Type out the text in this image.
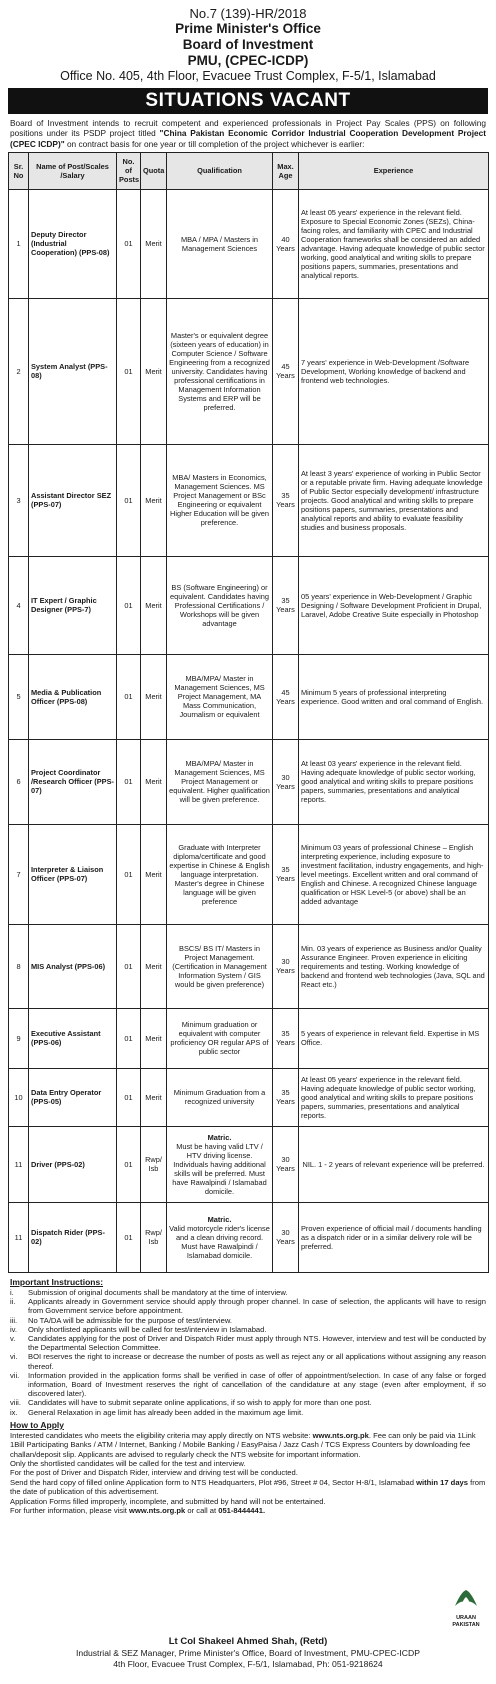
No.7 (139)-HR/2018
Prime Minister's Office
Board of Investment
PMU, (CPEC-ICDP)
Office No. 405, 4th Floor, Evacuee Trust Complex, F-5/1, Islamabad
SITUATIONS VACANT

Board of Investment intends to recruit competent and experienced professionals in Project Pay Scales (PPS) on following positions under its PSDP project titled "China Pakistan Economic Corridor Industrial Cooperation Development Project (CPEC ICDP)" on contract basis for one year or till completion of the project whichever is earlier:

Sr. No	Name of Post/Scales /Salary	No. of Posts	Quota	Qualification	Max. Age	Experience
1	Deputy Director (Industrial Cooperation) (PPS-08)	01	Merit	MBA / MPA / Masters in Management Sciences	40 Years	At least 05 years' experience in the relevant field. Exposure to Special Economic Zones (SEZs), China-facing roles, and familiarity with CPEC and Industrial Cooperation frameworks shall be considered an added advantage. Having adequate knowledge of public sector working, good analytical and writing skills to prepare positions papers, summaries, presentations and analytical reports.
2	System Analyst (PPS-08)	01	Merit	Master's or equivalent degree (sixteen years of education) in Computer Science / Software Engineering from a recognized university. Candidates having professional certifications in Management Information Systems and ERP will be preferred.	45 Years	7 years' experience in Web-Development /Software Development, Working knowledge of backend and frontend web technologies.
3	Assistant Director SEZ (PPS-07)	01	Merit	MBA/ Masters in Economics, Management Sciences. MS Project Management or BSc Engineering or equivalent Higher Education will be given preference.	35 Years	At least 3 years' experience of working in Public Sector or a reputable private firm. Having adequate knowledge of Public Sector especially development/ infrastructure projects. Good analytical and writing skills to prepare positions papers, summaries, presentations and analytical reports and ability to evaluate feasibility studies and business proposals.
4	IT Expert / Graphic Designer (PPS-7)	01	Merit	BS (Software Engineering) or equivalent. Candidates having Professional Certifications / Workshops will be given advantage	35 Years	05 years' experience in Web-Development / Graphic Designing / Software Development Proficient in Drupal, Laravel, Adobe Creative Suite especially in Photoshop
5	Media & Publication Officer (PPS-08)	01	Merit	MBA/MPA/ Master in Management Sciences, MS Project Management, MA Mass Communication, Journalism or equivalent	45 Years	Minimum 5 years of professional interpreting experience. Good written and oral command of English.
6	Project Coordinator /Research Officer (PPS-07)	01	Merit	MBA/MPA/ Master in Management Sciences, MS Project Management or equivalent. Higher qualification will be given preference.	30 Years	At least 03 years' experience in the relevant field. Having adequate knowledge of public sector working, good analytical and writing skills to prepare positions papers, summaries, presentations and analytical reports.
7	Interpreter & Liaison Officer (PPS-07)	01	Merit	Graduate with Interpreter diploma/certificate and good expertise in Chinese & English language interpretation. Master's degree in Chinese language will be given preference	35 Years	Minimum 03 years of professional Chinese – English interpreting experience, including exposure to investment facilitation, industry engagements, and high-level meetings. Excellent written and oral command of English and Chinese. A recognized Chinese language qualification or HSK Level-5 (or above) shall be an added advantage
8	MIS Analyst (PPS-06)	01	Merit	BSCS/ BS IT/ Masters in Project Management. (Certification in Management Information System / GIS would be given preference)	30 Years	Min. 03 years of experience as Business and/or Quality Assurance Engineer. Proven experience in eliciting requirements and testing. Working knowledge of backend and frontend web technologies (Java, SQL and React etc.)
9	Executive Assistant (PPS-06)	01	Merit	Minimum graduation or equivalent with computer proficiency OR regular APS of public sector	35 Years	5 years of experience in relevant field. Expertise in MS Office.
10	Data Entry Operator (PPS-05)	01	Merit	Minimum Graduation from a recognized university	35 Years	At least 05 years' experience in the relevant field. Having adequate knowledge of public sector working, good analytical and writing skills to prepare positions papers, summaries, presentations and analytical reports.
11	Driver (PPS-02)	01	Rwp/ Isb	Matric.
Must be having valid LTV / HTV driving license. Individuals having additional skills will be preferred. Must have Rawalpindi / Islamabad domicile.	30 Years	NIL. 1 - 2 years of relevant experience will be preferred.
11	Dispatch Rider (PPS-02)	01	Rwp/ Isb	Matric.
Valid motorcycle rider's license and a clean driving record. Must have Rawalpindi / Islamabad domicile.	30 Years	Proven experience of official mail / documents handling as a dispatch rider or in a similar delivery role will be preferred.
Important Instructions:
i.	Submission of original documents shall be mandatory at the time of interview.
ii.	Applicants already in Government service should apply through proper channel. In case of selection, the applicants will have to resign from Government service before appointment.
iii.	No TA/DA will be admissible for the purpose of test/interview.
iv.	Only shortlisted applicants will be called for test/interview in Islamabad.
v.	Candidates applying for the post of Driver and Dispatch Rider must apply through NTS. However, interview and test will be conducted by the Departmental Selection Committee.
vi.	BOI reserves the right to increase or decrease the number of posts as well as reject any or all applications without assigning any reason thereof.
vii.	Information provided in the application forms shall be verified in case of offer of appointment/selection. In case of any false or forged information, Board of Investment reserves the right of cancellation of the candidature at any stage (even after employment, if so discovered later).
viii. Candidates will have to submit separate online applications, if so wish to apply for more than one post.
ix.	General Relaxation in age limit has already been added in the maximum age limit.
How to Apply

Interested candidates who meets the eligibility criteria may apply directly on NTS website: www.nts.org.pk. Fee can only be paid via 1Link 1Bill Participating Banks / ATM / Internet, Banking / Mobile Banking / EasyPaisa / Jazz Cash / TCS Express Counters by downloading fee challan/deposit slip. Applicants are advised to regularly check the NTS website for important information.

Only the shortlisted candidates will be called for the test and interview.

For the post of Driver and Dispatch Rider, interview and driving test will be conducted.

Send the hard copy of filled online Application form to NTS Headquarters, Plot #96, Street # 04, Sector H-8/1, Islamabad within 17 days from the date of publication of this advertisement.

Application Forms filled improperly, incomplete, and submitted by hand will not be entertained.

For further information, please visit www.nts.org.pk or call at 051-8444441.

URAAN
PAKISTAN
Lt Col Shakeel Ahmed Shah, (Retd)
Industrial & SEZ Manager, Prime Minister's Office, Board of Investment, PMU-CPEC-ICDP
4th Floor, Evacuee Trust Complex, F-5/1, Islamabad, Ph: 051-9218624
